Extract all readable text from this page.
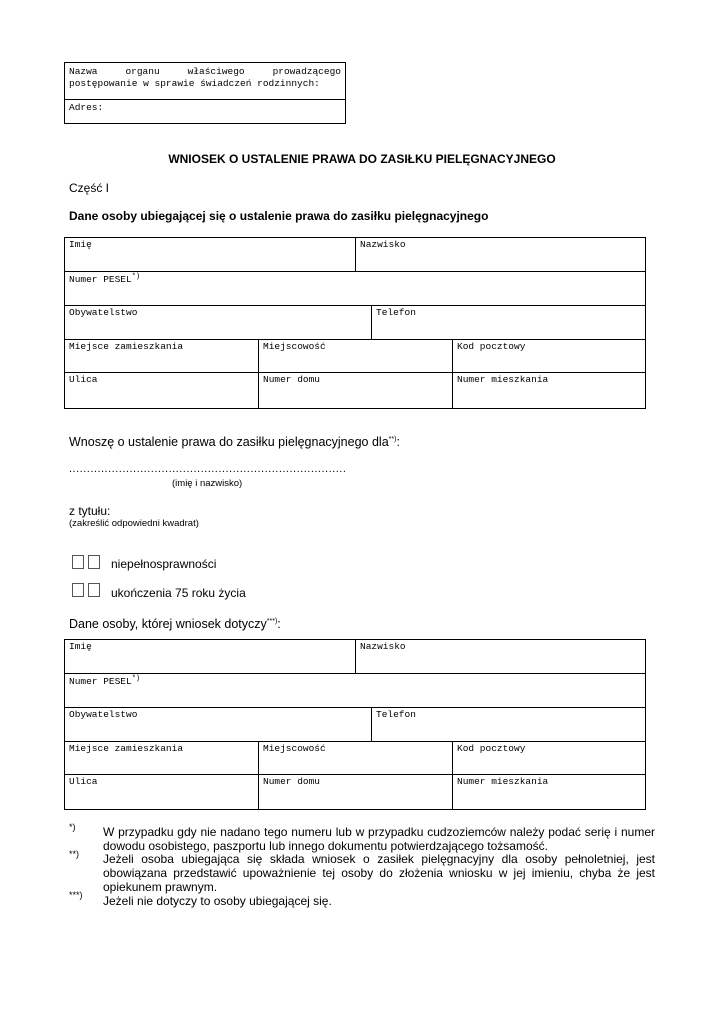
Nazwa	organu	właściwego	prowadzącego
postępowanie w sprawie świadczeń rodzinnych:
Adres:
WNIOSEK O USTALENIE PRAWA DO ZASIŁKU PIELĘGNACYJNEGO
Część I
Dane osoby ubiegającej się o ustalenie prawa do zasiłku pielęgnacyjnego
Imię	Nazwisko
Numer PESEL*)
Obywatelstwo	Telefon
Miejsce zamieszkania	Miejscowość	Kod pocztowy
Ulica	Numer domu	Numer mieszkania
Wnoszę o ustalenie prawa do zasiłku pielęgnacyjnego dla**):
..............................................................................
(imię i nazwisko)
z tytułu:
(zakreślić odpowiedni kwadrat)
niepełnosprawności
ukończenia 75 roku życia
Dane osoby, której wniosek dotyczy***):
Imię	Nazwisko
Numer PESEL*)
Obywatelstwo	Telefon
Miejsce zamieszkania	Miejscowość	Kod pocztowy
Ulica	Numer domu	Numer mieszkania
*) W przypadku gdy nie nadano tego numeru lub w przypadku cudzoziemców należy podać serię i numer dowodu osobistego, paszportu lub innego dokumentu potwierdzającego tożsamość.
**) Jeżeli osoba ubiegająca się składa wniosek o zasiłek pielęgnacyjny dla osoby pełnoletniej, jest obowiązana przedstawić upoważnienie tej osoby do złożenia wniosku w jej imieniu, chyba że jest opiekunem prawnym.
***) Jeżeli nie dotyczy to osoby ubiegającej się.
